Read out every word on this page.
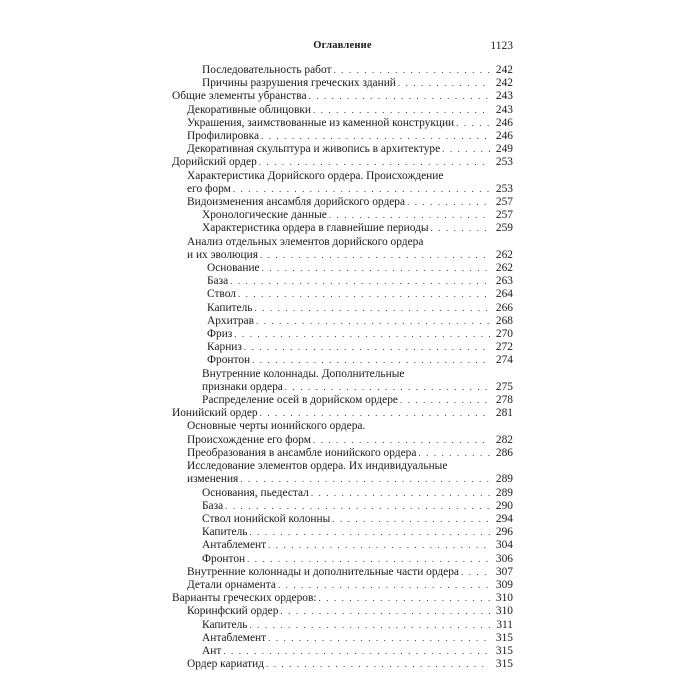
Оглавление	1123
Последовательность работ . . .	242
Причины разрушения греческих зданий . . .	242
Общие элементы убранства . . .	243
Декоративные облицовки . . .	243
Украшения, заимствованные из каменной конструкции . . .	246
Профилировка . . .	246
Декоративная скульптура и живопись в архитектуре . . .	249
Дорийский ордер . . .	253
Характеристика Дорийского ордера. Происхождение
его форм . . .	253
Видоизменения ансамбля дорийского ордера . . .	257
Хронологические данные . . .	257
Характеристика ордера в главнейшие периоды . . .	259
Анализ отдельных элементов дорийского ордера
и их эволюция . . .	262
Основание . . .	262
База . . .	263
Ствол . . .	264
Капитель . . .	266
Архитрав . . .	268
Фриз . . .	270
Карниз . . .	272
Фронтон . . .	274
Внутренние колоннады. Дополнительные
признаки ордера . . .	275
Распределение осей в дорийском ордере . . .	278
Ионийский ордер . . .	281
Основные черты ионийского ордера.
Происхождение его форм . . .	282
Преобразования в ансамбле ионийского ордера . . .	286
Исследование элементов ордера. Их индивидуальные
изменения . . .	289
Основания, пьедестал . . .	289
База . . .	290
Ствол ионийской колонны . . .	294
Капитель . . .	296
Антаблемент . . .	304
Фронтон . . .	306
Внутренние колоннады и дополнительные части ордера . . .	307
Детали орнамента . . .	309
Варианты греческих ордеров: . . .	310
Коринфский ордер . . .	310
Капитель . . .	311
Антаблемент . . .	315
Ант . . .	315
Ордер кариатид . . .	315
